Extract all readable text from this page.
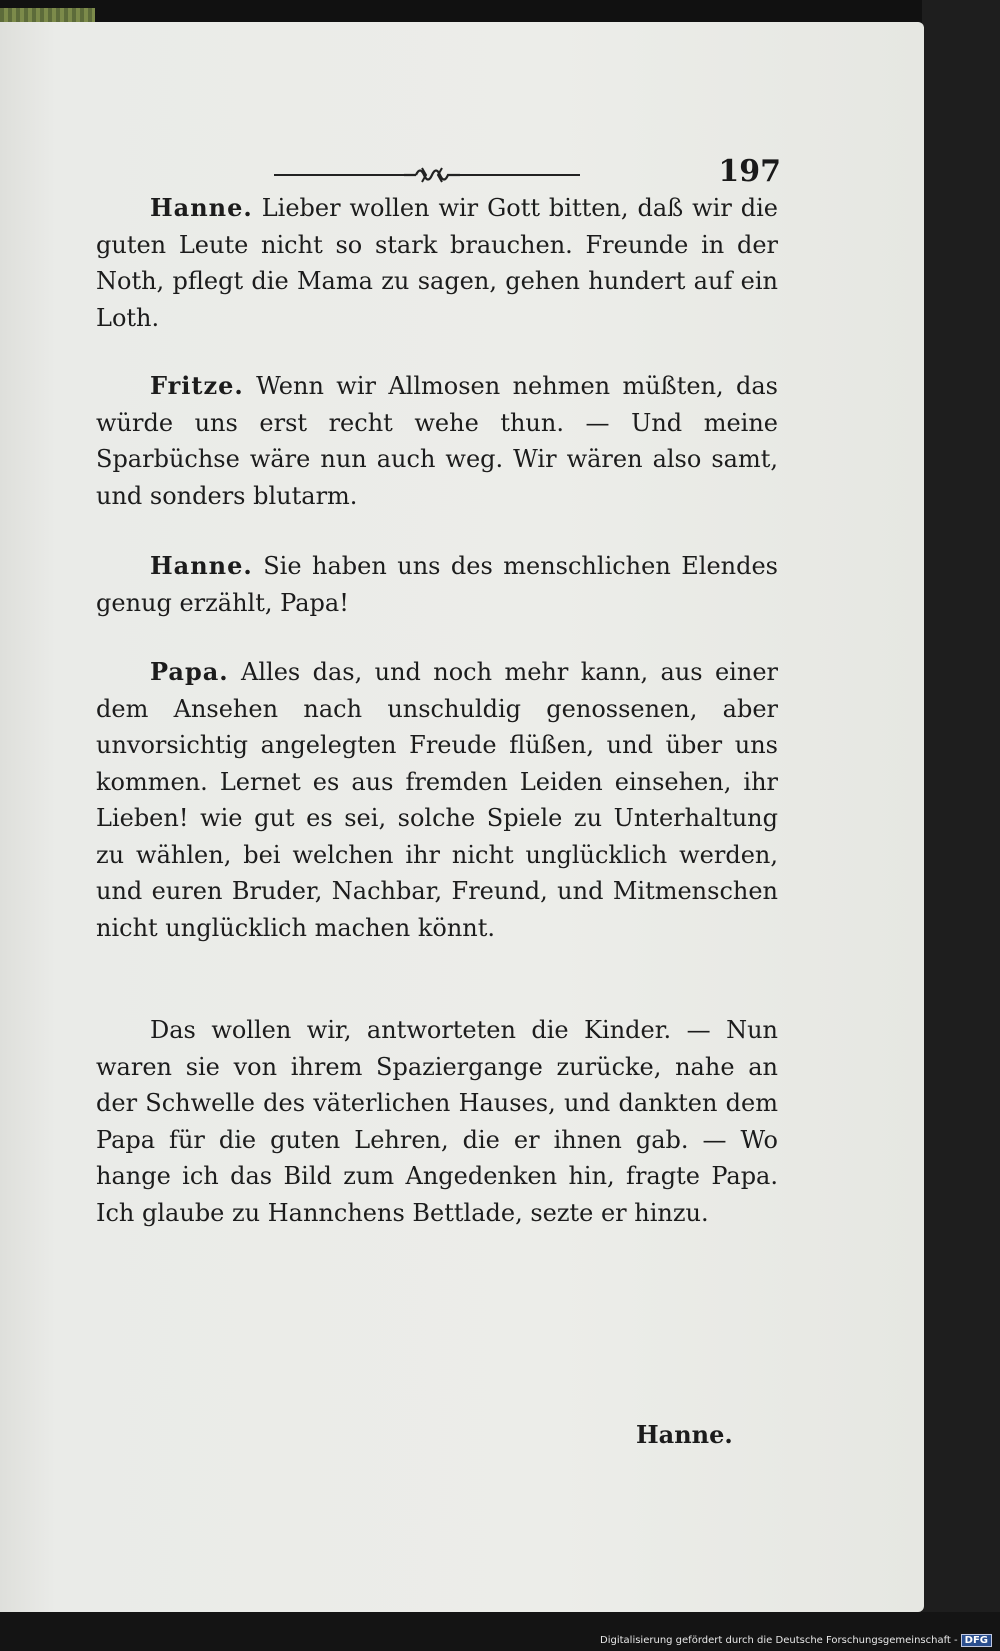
197

Hanne. Lieber wollen wir Gott bitten, daß wir die guten Leute nicht so stark brauchen. Freunde in der Noth, pflegt die Mama zu sagen, gehen hundert auf ein Loth.

Fritze. Wenn wir Allmosen nehmen müßten, das würde uns erst recht wehe thun. — Und meine Sparbüchse wäre nun auch weg. Wir wären also samt, und sonders blutarm.

Hanne. Sie haben uns des menschlichen Elendes genug erzählt, Papa!

Papa. Alles das, und noch mehr kann, aus einer dem Ansehen nach unschuldig genossenen, aber unvorsichtig angelegten Freude flüßen, und über uns kommen. Lernet es aus fremden Leiden einsehen, ihr Lieben! wie gut es sei, solche Spiele zu Unterhaltung zu wählen, bei welchen ihr nicht unglücklich werden, und euren Bruder, Nachbar, Freund, und Mitmenschen nicht unglücklich machen könnt.

Das wollen wir, antworteten die Kinder. — Nun waren sie von ihrem Spaziergange zurücke, nahe an der Schwelle des väterlichen Hauses, und dankten dem Papa für die guten Lehren, die er ihnen gab. — Wo hange ich das Bild zum Angedenken hin, fragte Papa. Ich glaube zu Hannchens Bettlade, sezte er hinzu.

Hanne.
Digitalisierung gefördert durch die Deutsche Forschungsgemeinschaft - DFG
